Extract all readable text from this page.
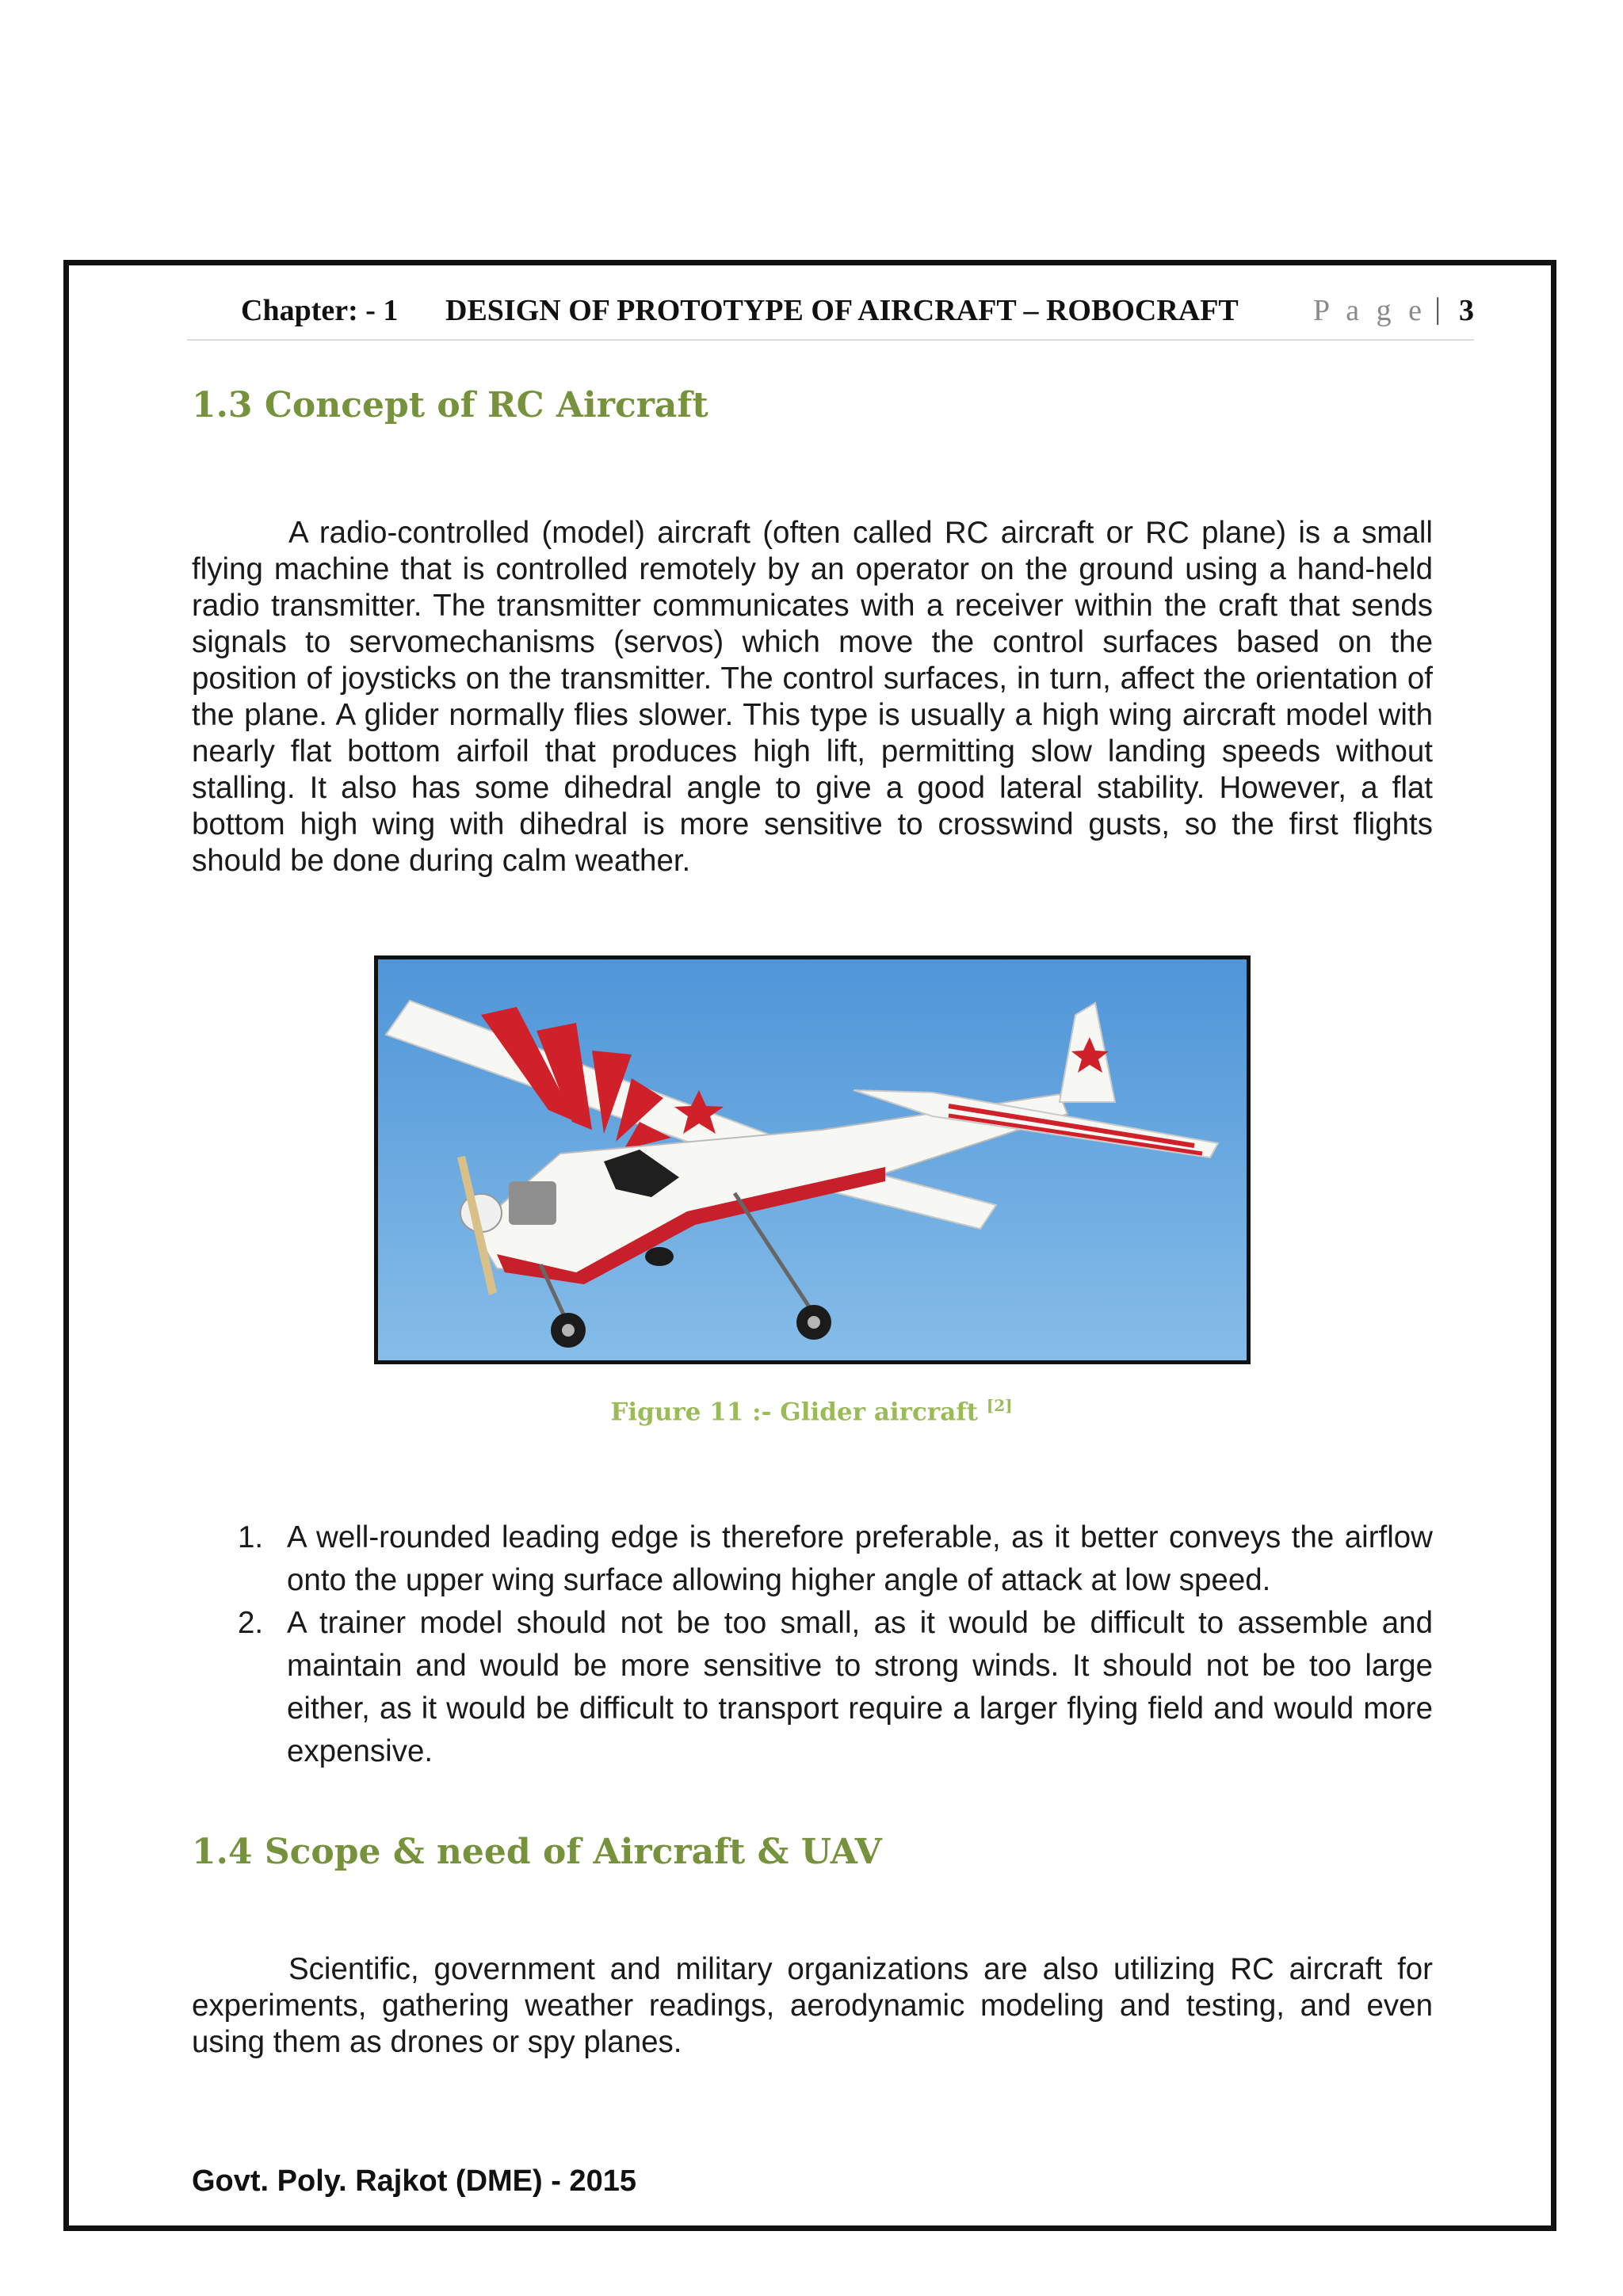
Chapter: - 1 DESIGN OF PROTOTYPE OF AIRCRAFT – ROBOCRAFT P a g e | 3
1.3 Concept of RC Aircraft

A radio-controlled (model) aircraft (often called RC aircraft or RC plane) is a small flying machine that is controlled remotely by an operator on the ground using a hand-held radio transmitter. The transmitter communicates with a receiver within the craft that sends signals to servomechanisms (servos) which move the control surfaces based on the position of joysticks on the transmitter. The control surfaces, in turn, affect the orientation of the plane. A glider normally flies slower. This type is usually a high wing aircraft model with nearly flat bottom airfoil that produces high lift, permitting slow landing speeds without stalling. It also has some dihedral angle to give a good lateral stability. However, a flat bottom high wing with dihedral is more sensitive to crosswind gusts, so the first flights should be done during calm weather.

Figure 11 :- Glider aircraft [2]
1. A well-rounded leading edge is therefore preferable, as it better conveys the airflow onto the upper wing surface allowing higher angle of attack at low speed.
2. A trainer model should not be too small, as it would be difficult to assemble and maintain and would be more sensitive to strong winds. It should not be too large either, as it would be difficult to transport require a larger flying field and would more expensive.
1.4 Scope & need of Aircraft & UAV

Scientific, government and military organizations are also utilizing RC aircraft for experiments, gathering weather readings, aerodynamic modeling and testing, and even using them as drones or spy planes.

Govt. Poly. Rajkot (DME) - 2015
